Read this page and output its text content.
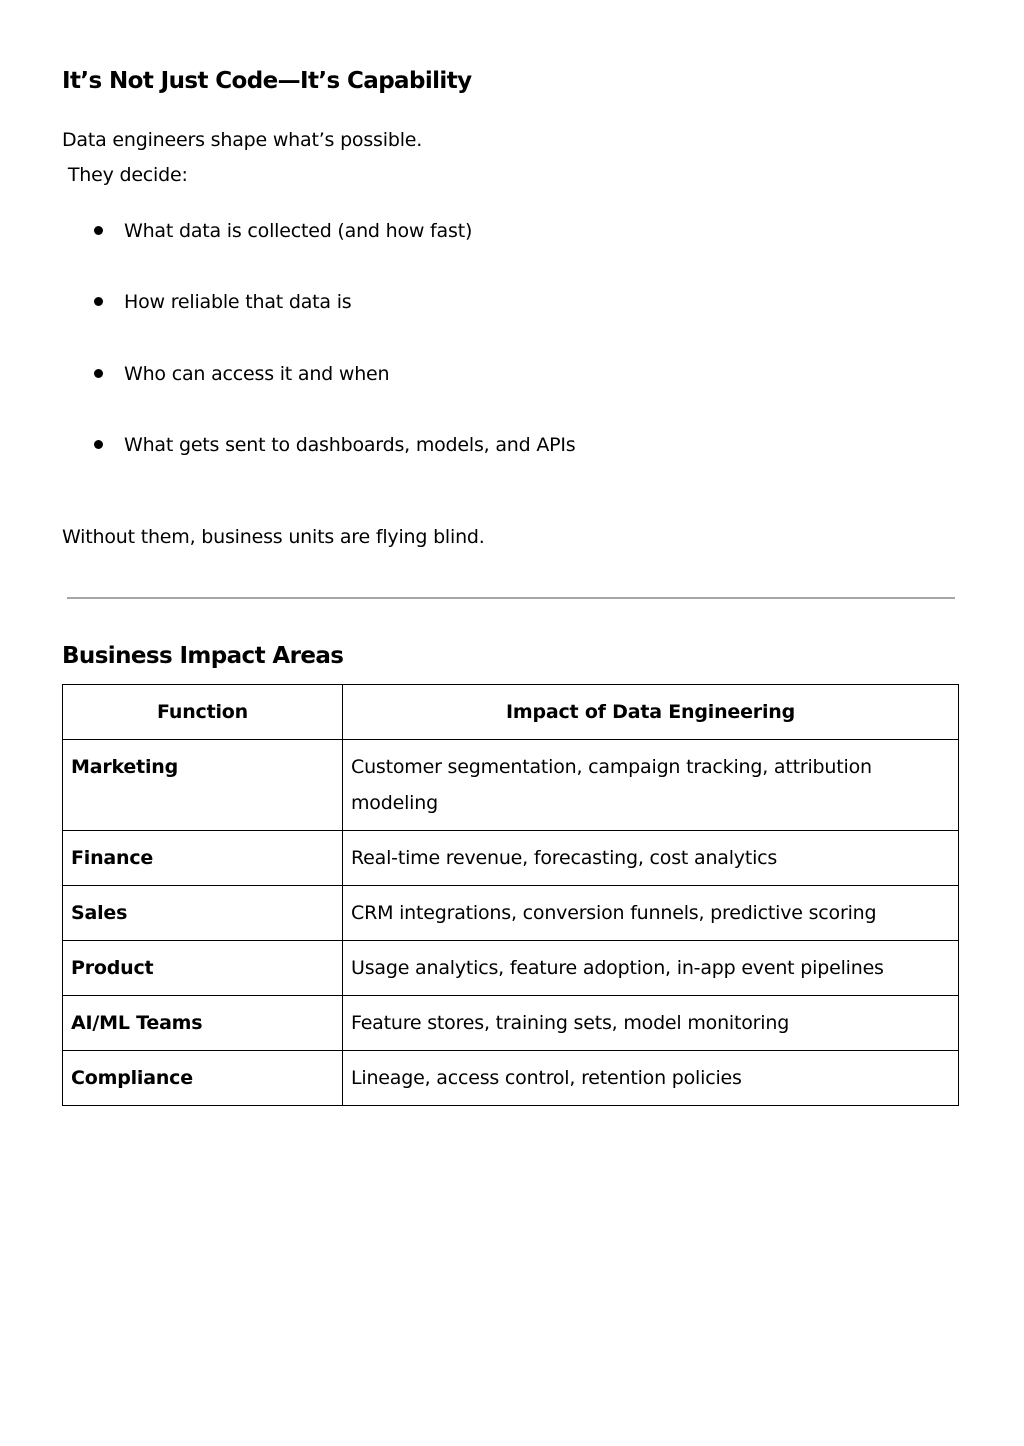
It’s Not Just Code—It’s Capability

Data engineers shape what’s possible.

They decide:

What data is collected (and how fast)
How reliable that data is
Who can access it and when
What gets sent to dashboards, models, and APIs

Without them, business units are flying blind.

Business Impact Areas
Function	Impact of Data Engineering
Marketing	Customer segmentation, campaign tracking, attribution modeling
Finance	Real-time revenue, forecasting, cost analytics
Sales	CRM integrations, conversion funnels, predictive scoring
Product	Usage analytics, feature adoption, in-app event pipelines
AI/ML Teams	Feature stores, training sets, model monitoring
Compliance	Lineage, access control, retention policies
